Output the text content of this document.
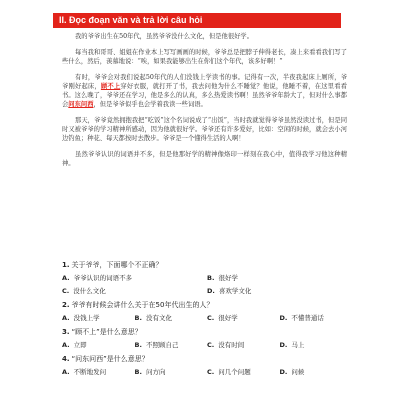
II. Đọc đoạn văn và trả lời câu hỏi

我的爷爷出生在50年代，虽然爷爷没什么文化，但是他很好学。

每当我和哥哥、姐姐在作业本上写写画画的时候，爷爷总是把脖子伸得老长，凑上来看看我们写了些什么，然后，羡慕地说：“唉，如果我能够出生在你们这个年代，该多好啊！”

有时，爷爷会对我们说起50年代的人们没钱上学读书的事。记得有一次，半夜我起床上厕所，爷爷刚好起床，顾不上穿好衣服，就打开了书，我去问他为什么不睡觉？他说，他睡不着，在这里看看书。这么晚了，爷爷还在学习，他是多么的认真，多么热爱读书啊！虽然爷爷年龄大了，但对什么事都会问东问西，但是爷爷似乎也会学着我读一些词语。

那天，爷爷竟然拥抱我把“吃饭”这个名词说成了“出饭”，当时我就觉得爷爷虽然没读过书，但是同时又被爷爷的学习精神所感动，因为他就很好学。爷爷还有许多爱好，比如：空闲的时候，就会去小河边钓鱼；种花、每天都按时去散步。爷爷是一个懂得生活的人啊！

虽然爷爷认识的词语并不多，但是他那好学的精神像烙印一样刻在我心中，值得我学习他这种精神。

1. 关于爷爷，下面哪个不正确？
A. 爷爷认识的词语不多	B. 很好学
C. 没什么文化	D. 喜欢学文化
2. 爷爷有时候会讲什么关于在50年代出生的人？
A. 没钱上学	B. 没有文化	C. 很好学	D. 不懂普通话
3. “顾不上”是什么意思？
A. 立即	B. 不照顾自己	C. 没有时间	D. 马上
4. “问东问西”是什么意思？
A. 不断地发问	B. 问方向	C. 问几个问题	D. 问候
